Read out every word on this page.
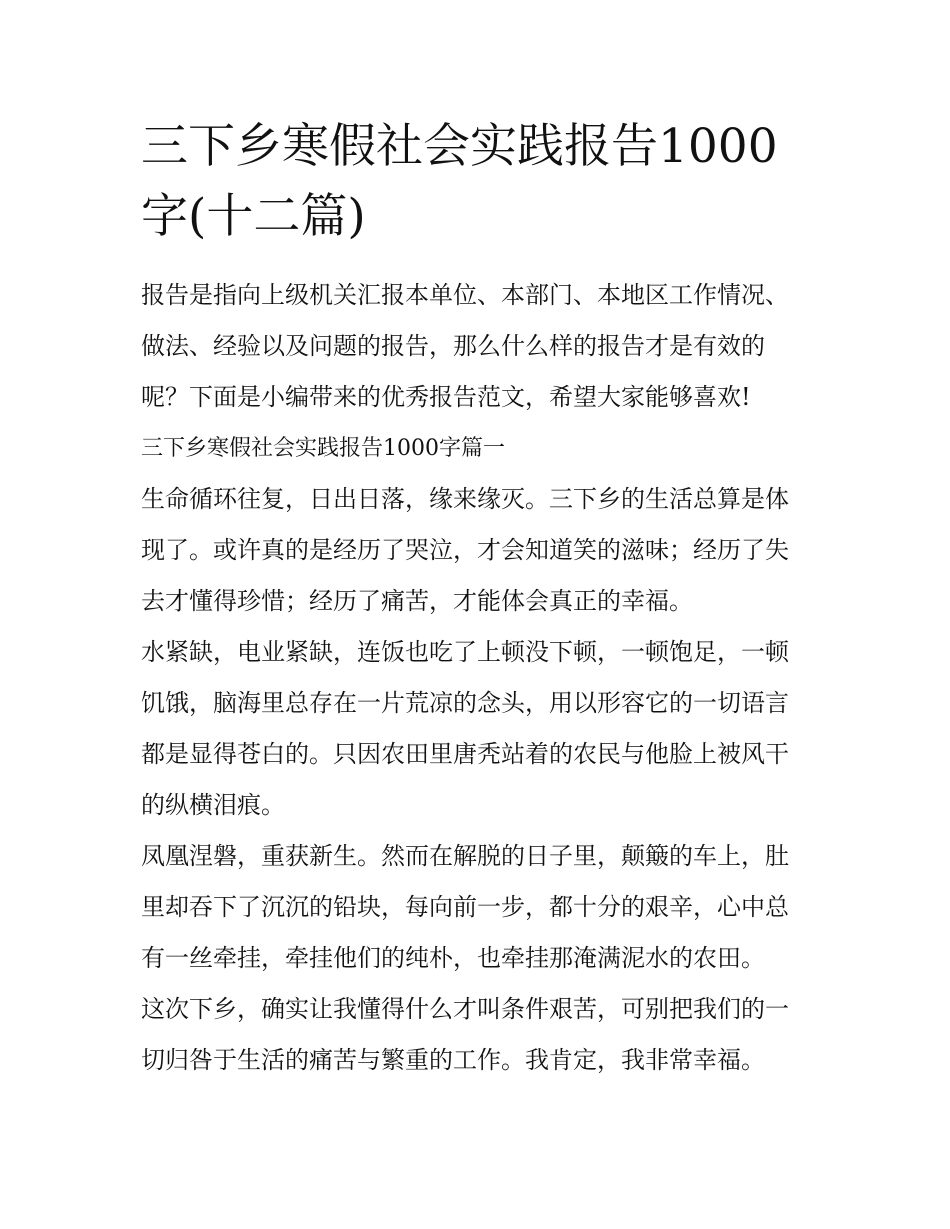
三下乡寒假社会实践报告1000
字(十二篇)

报告是指向上级机关汇报本单位、本部门、本地区工作情况、
做法、经验以及问题的报告，那么什么样的报告才是有效的
呢？下面是小编带来的优秀报告范文，希望大家能够喜欢!

三下乡寒假社会实践报告1000字篇一

生命循环往复，日出日落，缘来缘灭。三下乡的生活总算是体
现了。或许真的是经历了哭泣，才会知道笑的滋味；经历了失
去才懂得珍惜；经历了痛苦，才能体会真正的幸福。

水紧缺，电业紧缺，连饭也吃了上顿没下顿，一顿饱足，一顿
饥饿，脑海里总存在一片荒凉的念头，用以形容它的一切语言
都是显得苍白的。只因农田里唐秃站着的农民与他脸上被风干
的纵横泪痕。

凤凰涅磐，重获新生。然而在解脱的日子里，颠簸的车上，肚
里却吞下了沉沉的铅块，每向前一步，都十分的艰辛，心中总
有一丝牵挂，牵挂他们的纯朴，也牵挂那淹满泥水的农田。

这次下乡，确实让我懂得什么才叫条件艰苦，可别把我们的一
切归咎于生活的痛苦与繁重的工作。我肯定，我非常幸福。
